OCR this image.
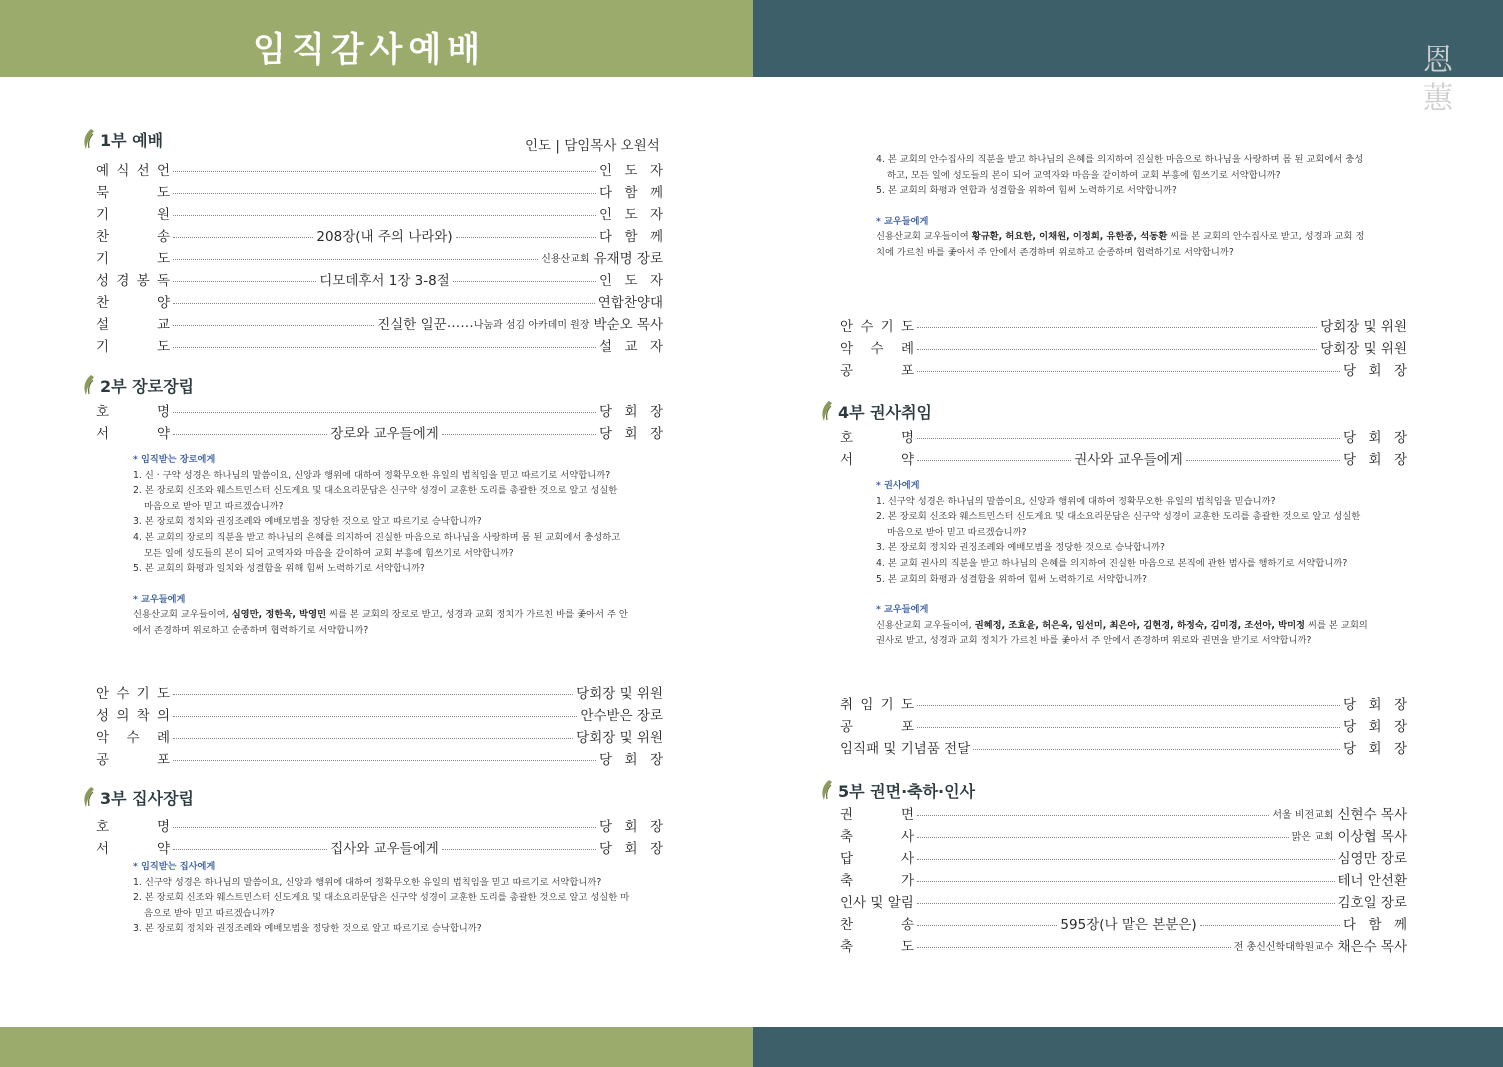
임직감사예배	恩
蕙
1부 예배	인도 | 담임목사 오원석
예 식 선 언	인 도 자
묵	도	다 함 께
기	원	인 도 자
찬	송	208장(내 주의 나라와)	다 함 께
기	도	신용산교회 유재명 장로
성 경 봉 독	디모데후서 1장 3-8절	인 도 자
찬	양	연합찬양대
설	교	진실한 일꾼 …… 나눔과 섬김 아카데미 원장 박순오 목사
기	도	설 교 자
2부 장로장립
호	명	당 회 장
서	약	장로와 교우들에게	당 회 장
* 임직받는 장로에게
1. 신 · 구약 성경은 하나님의 말씀이요, 신앙과 행위에 대하여 정확무오한 유일의 법칙임을 믿고 따르기로 서약합니까?
2. 본 장로회 신조와 웨스트민스터 신도게요 및 대소요리문답은 신구약 성경이 교훈한 도리를 총괄한 것으로 알고 성실한 마음으로 받아 믿고 따르겠습니까?
3. 본 장로회 정치와 권징조례와 예배모범을 정당한 것으로 알고 따르기로 승낙합니까?
4. 본 교회의 장로의 직분을 받고 하나님의 은혜를 의지하여 진실한 마음으로 하나님을 사랑하며 몸 된 교회에서 충성하고 모든 일에 성도들의 본이 되어 교역자와 마음을 같이하여 교회 부흥에 힘쓰기로 서약합니까?
5. 본 교회의 화평과 일치와 성결함을 위해 힘써 노력하기로 서약합니까?
* 교우들에게
신용산교회 교우들이여, 심영만, 정한욱, 박영민 씨를 본 교회의 장로로 받고, 성경과 교회 정치가 가르친 바를 좇아서 주 안에서 존경하며 위로하고 순종하며 협력하기로 서약합니까?
안 수 기 도	당회장 및 위원
성 의 착 의	안수받은 장로
악 수 례	당회장 및 위원
공	포	당 회 장
3부 집사장립
호	명	당 회 장
서	약	집사와 교우들에게	당 회 장
* 임직받는 집사에게
1. 신구약 성경은 하나님의 말씀이요, 신앙과 행위에 대하여 정확무오한 유일의 법칙임을 믿고 따르기로 서약합니까?
2. 본 장로회 신조와 웨스트민스터 신도게요 및 대소요리문답은 신구약 성경이 교훈한 도리를 총괄한 것으로 알고 성실한 마음으로 받아 믿고 따르겠습니까?
3. 본 장로회 정치와 권징조례와 예배모범을 정당한 것으로 알고 따르기로 승낙합니까?
4. 본 교회의 안수집사의 직분을 받고 하나님의 은혜를 의지하여 진실한 마음으로 하나님을 사랑하며 몸 된 교회에서 충성하고, 모든 일에 성도들의 본이 되어 교역자와 마음을 같이하여 교회 부흥에 힘쓰기로 서약합니까?
5. 본 교회의 화평과 연합과 성결함을 위하여 힘써 노력하기로 서약합니까?
* 교우들에게
신용산교회 교우들이여 황규환, 허요한, 이채원, 이정희, 유한종, 석동환 씨를 본 교회의 안수집사로 받고, 성경과 교회 정치에 가르친 바를 좇아서 주 안에서 존경하며 위로하고 순종하며 협력하기로 서약합니까?
안 수 기 도	당회장 및 위원
악 수 례	당회장 및 위원
공	포	당 회 장
4부 권사취임
호	명	당 회 장
서	약	권사와 교우들에게	당 회 장
* 권사에게
1. 신구약 성경은 하나님의 말씀이요, 신앙과 행위에 대하여 정확무오한 유일의 법칙임을 믿습니까?
2. 본 장로회 신조와 웨스트민스터 신도게요 및 대소요리문답은 신구약 성경이 교훈한 도리를 총괄한 것으로 알고 성실한 마음으로 받아 믿고 따르겠습니까?
3. 본 장로회 정치와 권징조례와 예배모범을 정당한 것으로 승낙합니까?
4. 본 교회 권사의 직분을 받고 하나님의 은혜를 의지하여 진실한 마음으로 본직에 관한 범사를 행하기로 서약합니까?
5. 본 교회의 화평과 성결함을 위하여 힘써 노력하기로 서약합니까?
* 교우들에게
신용산교회 교우들이여, 권혜정, 조효윤, 허은옥, 임선미, 최은아, 김현경, 하정숙, 김미경, 조선아, 박미정 씨를 본 교회의 권사로 받고, 성경과 교회 정치가 가르친 바를 좇아서 주 안에서 존경하며 위로와 권면을 받기로 서약합니까?
취 임 기 도	당 회 장
공	포	당 회 장
임직패 및 기념품 전달	당 회 장
5부 권면·축하·인사
권	면	서울 비전교회 신현수 목사
축	사	맑은 교회 이상협 목사
답	사	심영만 장로
축	가	테너 안선환
인사 및 알림	김호일 장로
찬	송	595장(나 맡은 본분은)	다 함 께
축	도	전 총신신학대학원교수 채은수 목사
